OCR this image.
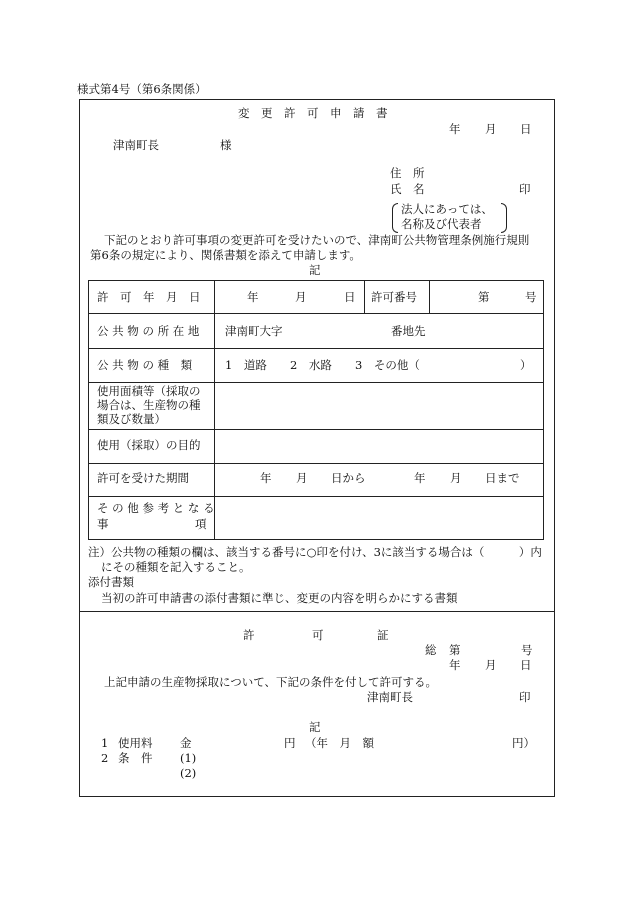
様式第4号（第6条関係）
変　更　許　可　申　請　書
年 月 日
津南町長	様
住　所
氏　名	印
法人にあっては、
名称及び代表者
下記のとおり許可事項の変更許可を受けたいので、津南町公共物管理条例施行規則
第6条の規定により、関係書類を添えて申請します。
記
許　可　年　月　日	年	月	日 許可番号	第	号
公 共 物 の 所 在 地 津南町大字	番地先
公 共 物 の 種　類	1　道路 2　水路 3　その他（	）
使用面積等（採取の
場合は、生産物の種
類及び数量）
使用（採取）の目的
許可を受けた期間	年 月 日から	年 月 日まで
そ の 他 参 考 と な る
事	項
注）公共物の種類の欄は、該当する番号に○印を付け、3に該当する場合は（　　　）内
にその種類を記入すること。
添付書類
当初の許可申請書の添付書類に準じ、変更の内容を明らかにする書類
許	可	証
総 第	号
年 月 日
上記申請の生産物採取について、下記の条件を付して許可する。
津南町長	印
記
1 使用料 金	円 （年　月　額	円）
2 条　件 (1)
(2)
